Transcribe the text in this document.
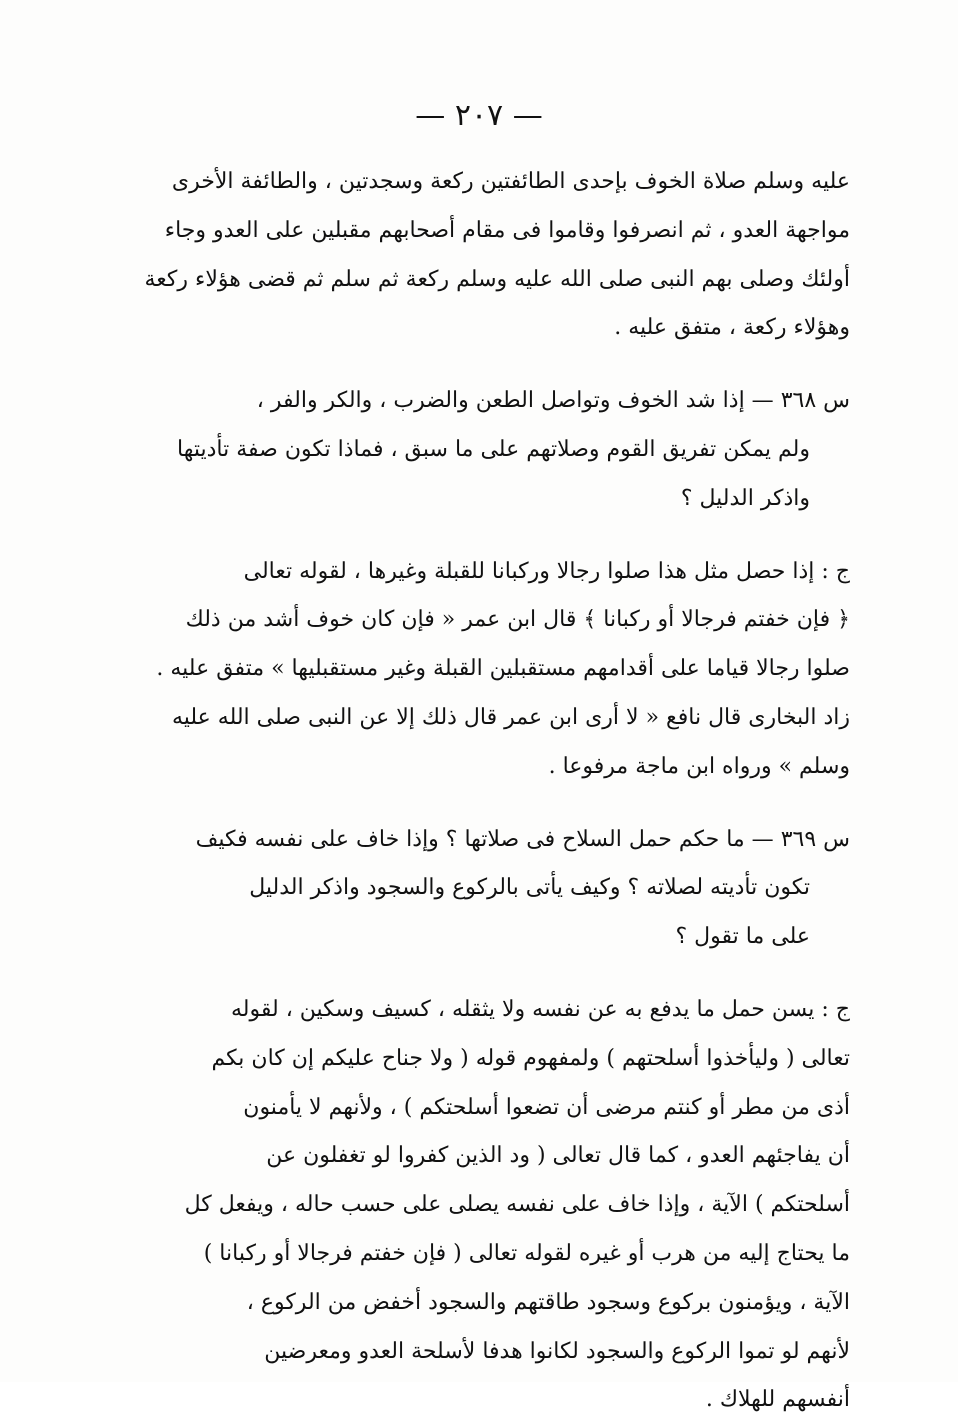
— ٢٠٧ —

عليه وسلم صلاة الخوف بإحدى الطائفتين ركعة وسجدتين ، والطائفة الأخرى
مواجهة العدو ، ثم انصرفوا وقاموا فى مقام أصحابهم مقبلين على العدو وجاء
أولئك وصلى بهم النبى صلى الله عليه وسلم ركعة ثم سلم ثم قضى هؤلاء ركعة
وهؤلاء ركعة ، متفق عليه .

س ٣٦٨ — إذا شد الخوف وتواصل الطعن والضرب ، والكر والفر ،
ولم يمكن تفريق القوم وصلاتهم على ما سبق ، فماذا تكون صفة تأديتها
واذكر الدليل ؟

ج : إذا حصل مثل هذا صلوا رجالا وركبانا للقبلة وغيرها ، لقوله تعالى
﴿ فإن خفتم فرجالا أو ركبانا ﴾ قال ابن عمر « فإن كان خوف أشد من ذلك
صلوا رجالا قياما على أقدامهم مستقبلين القبلة وغير مستقبليها » متفق عليه .
زاد البخارى قال نافع « لا أرى ابن عمر قال ذلك إلا عن النبى صلى الله عليه
وسلم » ورواه ابن ماجة مرفوعا .

س ٣٦٩ — ما حكم حمل السلاح فى صلاتها ؟ وإذا خاف على نفسه فكيف
تكون تأديته لصلاته ؟ وكيف يأتى بالركوع والسجود واذكر الدليل
على ما تقول ؟

ج : يسن حمل ما يدفع به عن نفسه ولا يثقله ، كسيف وسكين ، لقوله
تعالى ( وليأخذوا أسلحتهم ) ولمفهوم قوله ( ولا جناح عليكم إن كان بكم
أذى من مطر أو كنتم مرضى أن تضعوا أسلحتكم ) ، ولأنهم لا يأمنون
أن يفاجئهم العدو ، كما قال تعالى ( ود الذين كفروا لو تغفلون عن
أسلحتكم ) الآية ، وإذا خاف على نفسه يصلى على حسب حاله ، ويفعل كل
ما يحتاج إليه من هرب أو غيره لقوله تعالى ( فإن خفتم فرجالا أو ركبانا )
الآية ، ويؤمنون بركوع وسجود طاقتهم والسجود أخفض من الركوع ،
لأنهم لو تموا الركوع والسجود لكانوا هدفا لأسلحة العدو ومعرضين
أنفسهم للهلاك .
